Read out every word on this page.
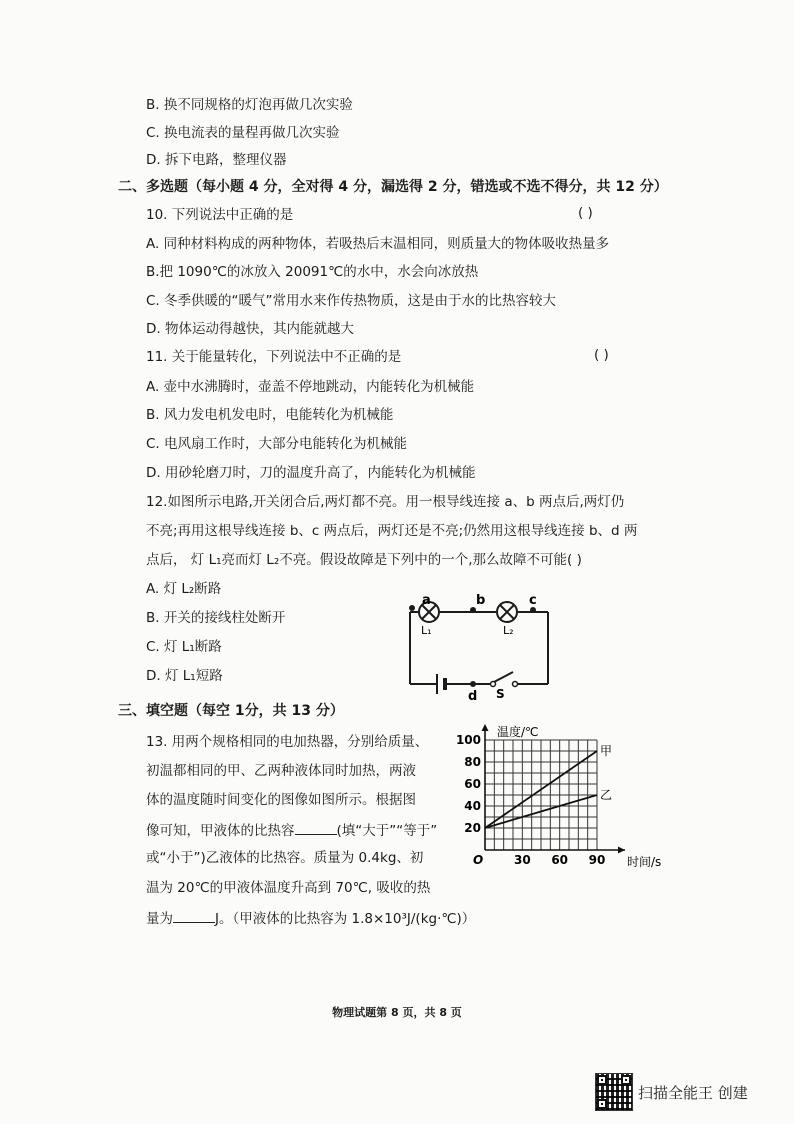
B. 换不同规格的灯泡再做几次实验
C. 换电流表的量程再做几次实验
D. 拆下电路，整理仪器
二、多选题（每小题 4 分，全对得 4 分，漏选得 2 分，错选或不选不得分，共 12 分）
10. 下列说法中正确的是	( )
A. 同种材料构成的两种物体，若吸热后末温相同，则质量大的物体吸收热量多
B.把 1090℃的冰放入 20091℃的水中，水会向冰放热
C. 冬季供暖的“暖气”常用水来作传热物质，这是由于水的比热容较大
D. 物体运动得越快，其内能就越大
11. 关于能量转化，下列说法中不正确的是	( )
A. 壶中水沸腾时，壶盖不停地跳动，内能转化为机械能
B. 风力发电机发电时，电能转化为机械能
C. 电风扇工作时，大部分电能转化为机械能
D. 用砂轮磨刀时，刀的温度升高了，内能转化为机械能
12.如图所示电路,开关闭合后,两灯都不亮。用一根导线连接 a、b 两点后,两灯仍
不亮;再用这根导线连接 b、c 两点后，两灯还是不亮;仍然用这根导线连接 b、d 两
点后， 灯 L₁亮而灯 L₂不亮。假设故障是下列中的一个,那么故障不可能( )
A. 灯 L₂断路
B. 开关的接线柱处断开
C. 灯 L₁断路
D. 灯 L₁短路
a	b	c
d S
L₁	L₂
三、填空题（每空 1分，共 13 分）
13. 用两个规格相同的电加热器，分别给质量、
初温都相同的甲、乙两种液体同时加热，两液
体的温度随时间变化的图像如图所示。根据图
像可知，甲液体的比热容	(填“大于”“等于”
或“小于”)乙液体的比热容。质量为 0.4kg、初
温为 20℃的甲液体温度升高到 70℃, 吸收的热
量为	J。（甲液体的比热容为 1.8×10³J/(kg·℃)）
30 60 90
20
40
60
80
100
甲
乙
温度/℃
时间/s
O
物理试题第 8 页，共 8 页
扫描全能王 创建
